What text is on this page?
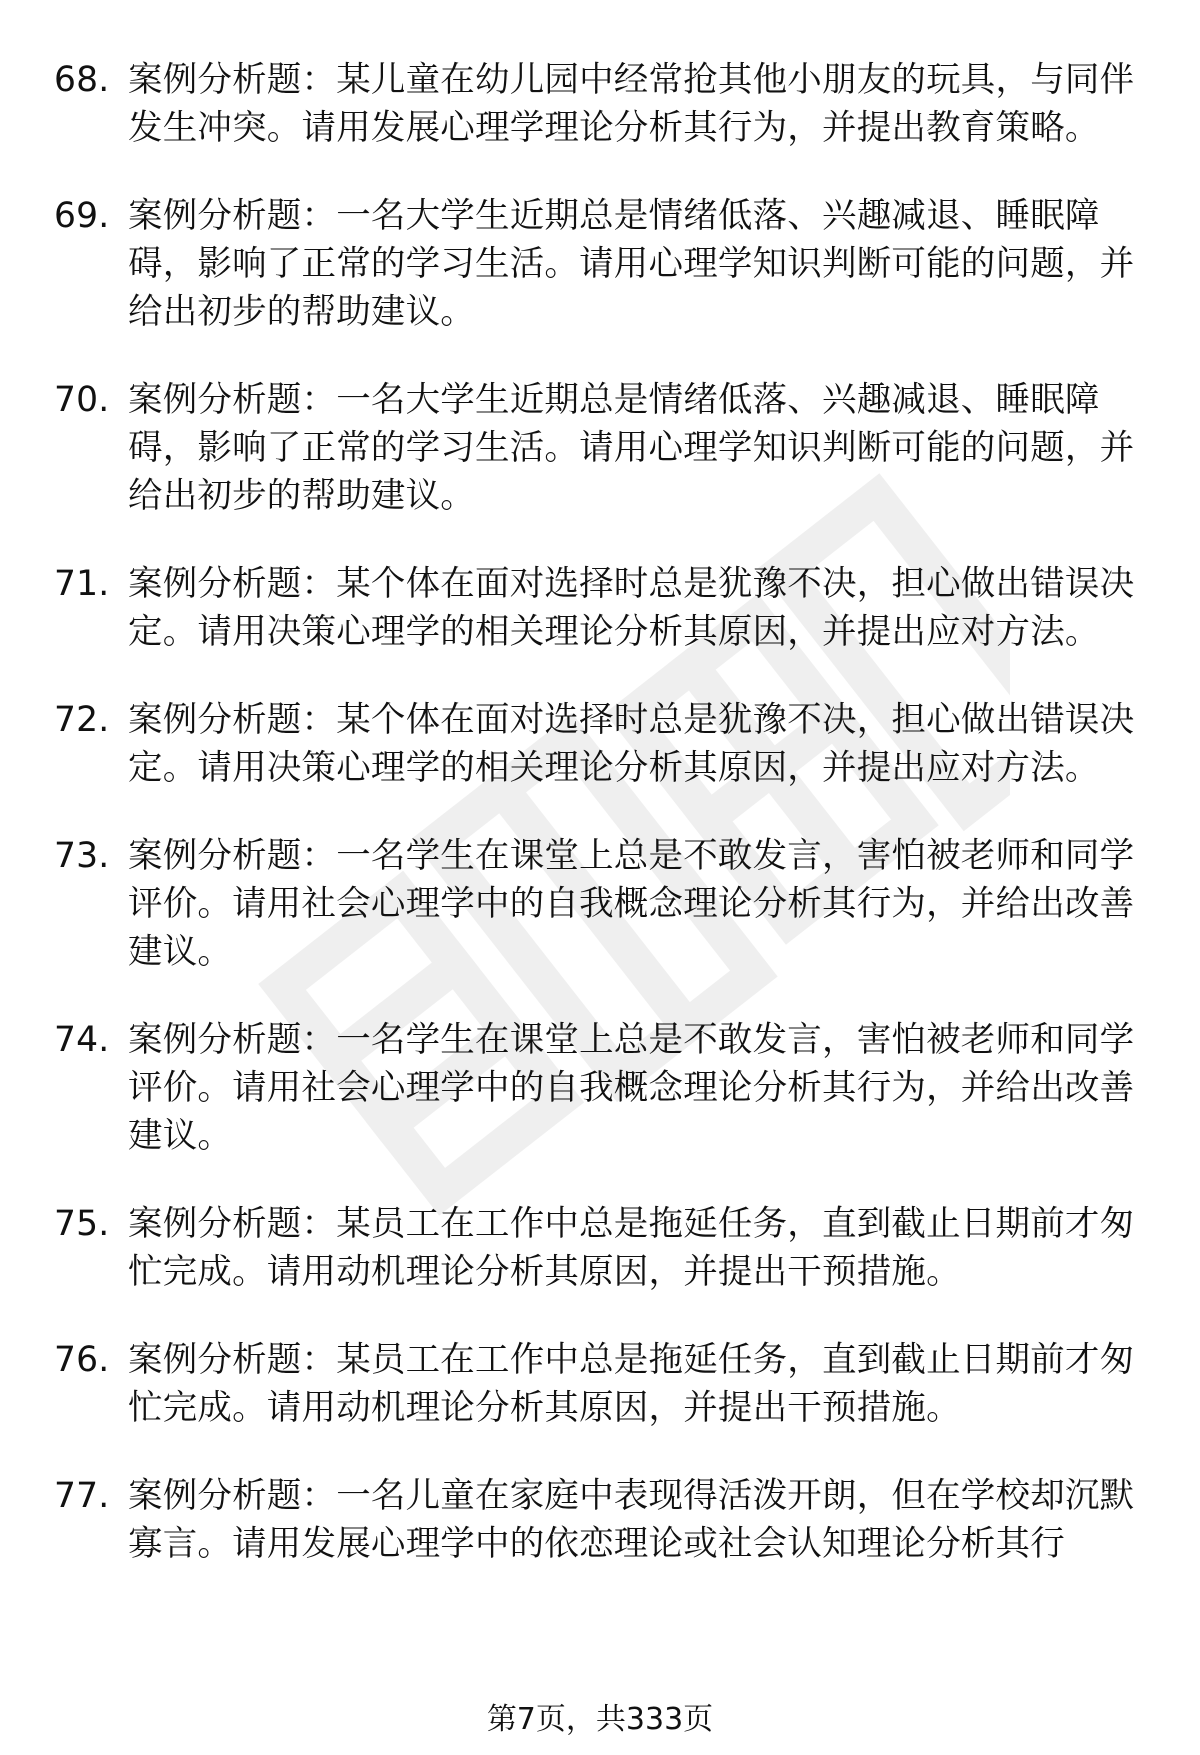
68. 案例分析题：某儿童在幼儿园中经常抢其他小朋友的玩具，与同伴发生冲突。请用发展心理学理论分析其行为，并提出教育策略。
69. 案例分析题：一名大学生近期总是情绪低落、兴趣减退、睡眠障碍，影响了正常的学习生活。请用心理学知识判断可能的问题，并给出初步的帮助建议。
70. 案例分析题：一名大学生近期总是情绪低落、兴趣减退、睡眠障碍，影响了正常的学习生活。请用心理学知识判断可能的问题，并给出初步的帮助建议。
71. 案例分析题：某个体在面对选择时总是犹豫不决，担心做出错误决定。请用决策心理学的相关理论分析其原因，并提出应对方法。
72. 案例分析题：某个体在面对选择时总是犹豫不决，担心做出错误决定。请用决策心理学的相关理论分析其原因，并提出应对方法。
73. 案例分析题：一名学生在课堂上总是不敢发言，害怕被老师和同学评价。请用社会心理学中的自我概念理论分析其行为，并给出改善建议。
74. 案例分析题：一名学生在课堂上总是不敢发言，害怕被老师和同学评价。请用社会心理学中的自我概念理论分析其行为，并给出改善建议。
75. 案例分析题：某员工在工作中总是拖延任务，直到截止日期前才匆忙完成。请用动机理论分析其原因，并提出干预措施。
76. 案例分析题：某员工在工作中总是拖延任务，直到截止日期前才匆忙完成。请用动机理论分析其原因，并提出干预措施。
77. 案例分析题：一名儿童在家庭中表现得活泼开朗，但在学校却沉默寡言。请用发展心理学中的依恋理论或社会认知理论分析其行
第7页，共333页
